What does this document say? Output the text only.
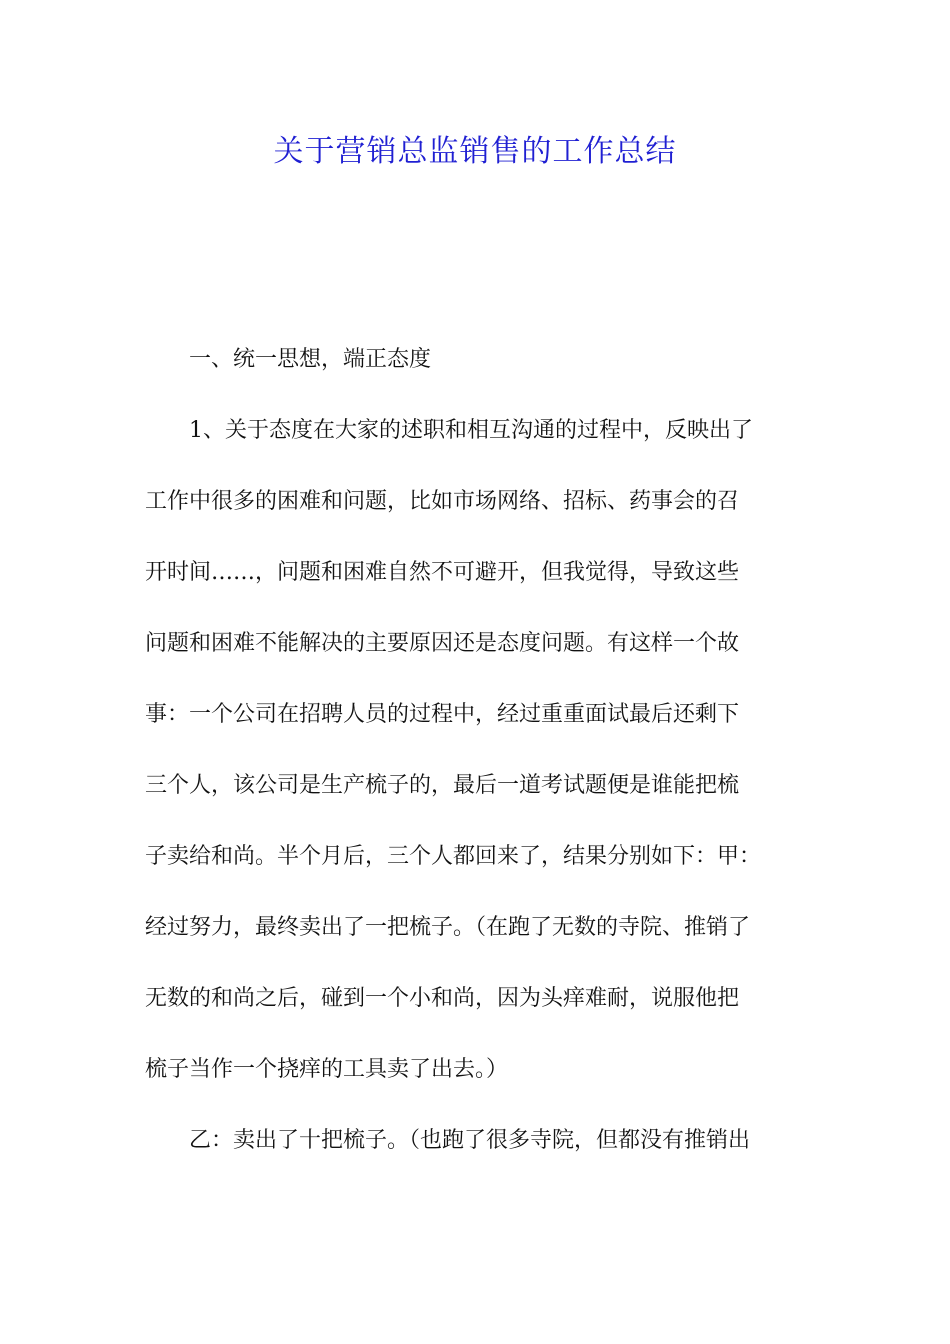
关于营销总监销售的工作总结
一、统一思想，端正态度
1、关于态度在大家的述职和相互沟通的过程中，反映出了
工作中很多的困难和问题，比如市场网络、招标、药事会的召
开时间……，问题和困难自然不可避开，但我觉得，导致这些
问题和困难不能解决的主要原因还是态度问题。有这样一个故
事：一个公司在招聘人员的过程中，经过重重面试最后还剩下
三个人，该公司是生产梳子的，最后一道考试题便是谁能把梳
子卖给和尚。半个月后，三个人都回来了，结果分别如下：甲：
经过努力，最终卖出了一把梳子。（在跑了无数的寺院、推销了
无数的和尚之后，碰到一个小和尚，因为头痒难耐，说服他把
梳子当作一个挠痒的工具卖了出去。）
乙：卖出了十把梳子。（也跑了很多寺院，但都没有推销出
